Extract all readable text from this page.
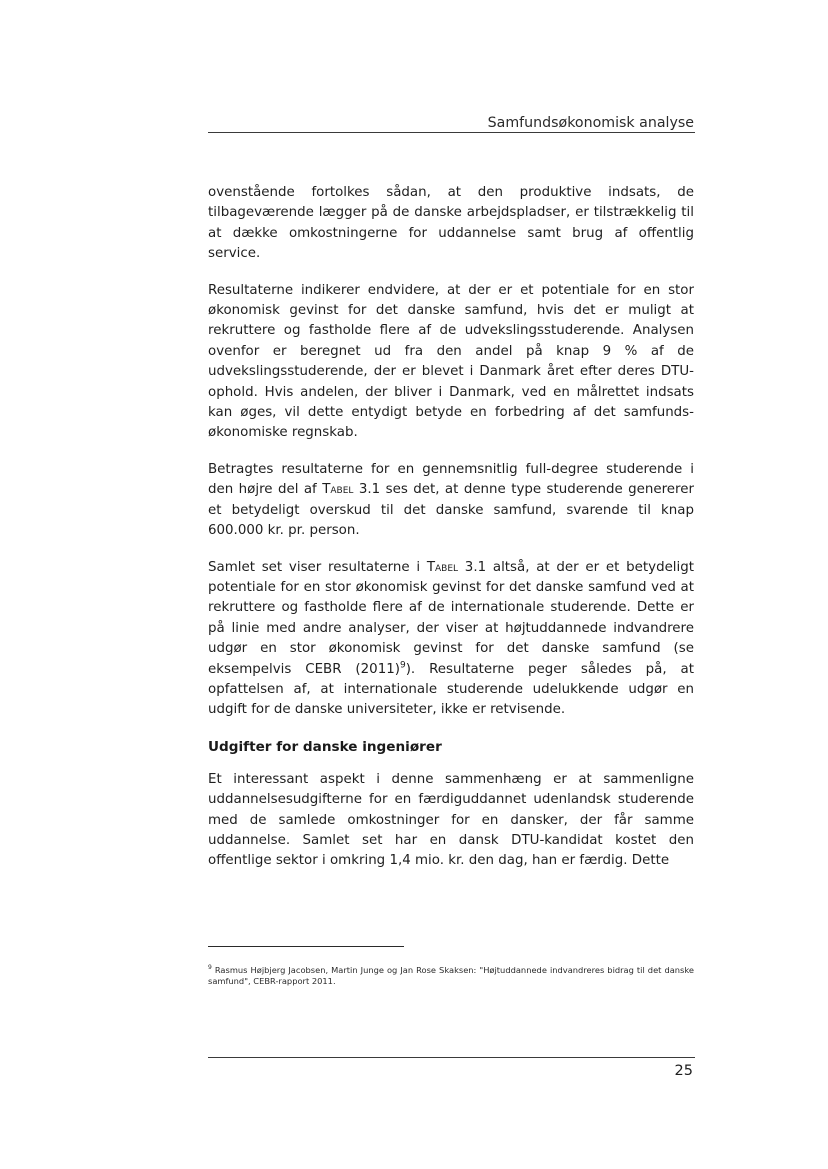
Samfundsøkonomisk analyse

ovenstående fortolkes sådan, at den produktive indsats, de tilbageværende lægger på de danske arbejdspladser, er tilstrækkelig til at dække omkostningerne for uddannelse samt brug af offentlig service.

Resultaterne indikerer endvidere, at der er et potentiale for en stor økonomisk gevinst for det danske samfund, hvis det er muligt at rekruttere og fastholde flere af de udvekslingsstuderende. Analysen ovenfor er beregnet ud fra den andel på knap 9 % af de udvekslingsstuderende, der er blevet i Danmark året efter deres DTU-ophold. Hvis andelen, der bliver i Danmark, ved en målrettet indsats kan øges, vil dette entydigt betyde en forbedring af det samfunds-økonomiske regnskab.

Betragtes resultaterne for en gennemsnitlig full-degree studerende i den højre del af Tabel 3.1 ses det, at denne type studerende genererer et betydeligt overskud til det danske samfund, svarende til knap 600.000 kr. pr. person.

Samlet set viser resultaterne i Tabel 3.1 altså, at der er et betydeligt potentiale for en stor økonomisk gevinst for det danske samfund ved at rekruttere og fastholde flere af de internationale studerende. Dette er på linie med andre analyser, der viser at højtuddannede indvandrere udgør en stor økonomisk gevinst for det danske samfund (se eksempelvis CEBR $(2011)^9$). Resultaterne peger således på, at opfattelsen af, at internationale studerende udelukkende udgør en udgift for de danske universiteter, ikke er retvisende.

Udgifter for danske ingeniører

Et interessant aspekt i denne sammenhæng er at sammenligne uddannelsesudgifterne for en færdiguddannet udenlandsk studerende med de samlede omkostninger for en dansker, der får samme uddannelse. Samlet set har en dansk DTU-kandidat kostet den offentlige sektor i omkring 1,4 mio. kr. den dag, han er færdig. Dette

$^9$ Rasmus Højbjerg Jacobsen, Martin Junge og Jan Rose Skaksen: "Højtuddannede indvandreres bidrag til det danske samfund", CEBR-rapport 2011.
25
